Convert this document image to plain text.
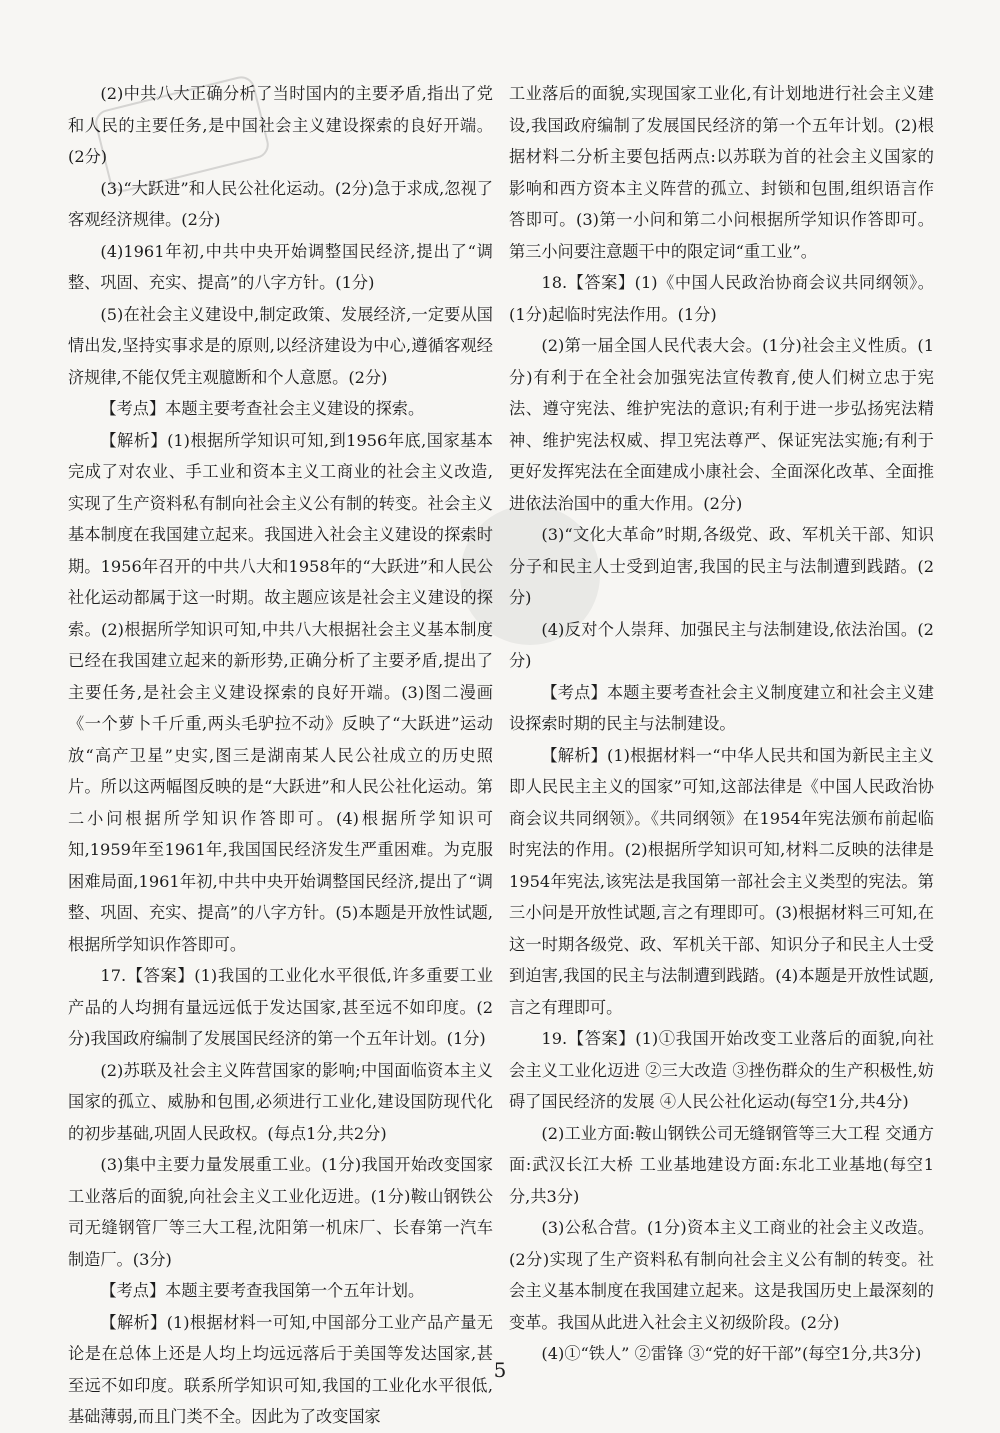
(2)中共八大正确分析了当时国内的主要矛盾,指出了党和人民的主要任务,是中国社会主义建设探索的良好开端。(2分)

(3)“大跃进”和人民公社化运动。(2分)急于求成,忽视了客观经济规律。(2分)

(4)1961年初,中共中央开始调整国民经济,提出了“调整、巩固、充实、提高”的八字方针。(1分)

(5)在社会主义建设中,制定政策、发展经济,一定要从国情出发,坚持实事求是的原则,以经济建设为中心,遵循客观经济规律,不能仅凭主观臆断和个人意愿。(2分)

【考点】本题主要考查社会主义建设的探索。

【解析】(1)根据所学知识可知,到1956年底,国家基本完成了对农业、手工业和资本主义工商业的社会主义改造,实现了生产资料私有制向社会主义公有制的转变。社会主义基本制度在我国建立起来。我国进入社会主义建设的探索时期。1956年召开的中共八大和1958年的“大跃进”和人民公社化运动都属于这一时期。故主题应该是社会主义建设的探索。(2)根据所学知识可知,中共八大根据社会主义基本制度已经在我国建立起来的新形势,正确分析了主要矛盾,提出了主要任务,是社会主义建设探索的良好开端。(3)图二漫画《一个萝卜千斤重,两头毛驴拉不动》反映了“大跃进”运动放“高产卫星”史实,图三是湖南某人民公社成立的历史照片。所以这两幅图反映的是“大跃进”和人民公社化运动。第二小问根据所学知识作答即可。(4)根据所学知识可知,1959年至1961年,我国国民经济发生严重困难。为克服困难局面,1961年初,中共中央开始调整国民经济,提出了“调整、巩固、充实、提高”的八字方针。(5)本题是开放性试题,根据所学知识作答即可。

17.【答案】(1)我国的工业化水平很低,许多重要工业产品的人均拥有量远远低于发达国家,甚至远不如印度。(2分)我国政府编制了发展国民经济的第一个五年计划。(1分)

(2)苏联及社会主义阵营国家的影响;中国面临资本主义国家的孤立、威胁和包围,必须进行工业化,建设国防现代化的初步基础,巩固人民政权。(每点1分,共2分)

(3)集中主要力量发展重工业。(1分)我国开始改变国家工业落后的面貌,向社会主义工业化迈进。(1分)鞍山钢铁公司无缝钢管厂等三大工程,沈阳第一机床厂、长春第一汽车制造厂。(3分)

【考点】本题主要考查我国第一个五年计划。

【解析】(1)根据材料一可知,中国部分工业产品产量无论是在总体上还是人均上均远远落后于美国等发达国家,甚至远不如印度。联系所学知识可知,我国的工业化水平很低,基础薄弱,而且门类不全。因此为了改变国家

工业落后的面貌,实现国家工业化,有计划地进行社会主义建设,我国政府编制了发展国民经济的第一个五年计划。(2)根据材料二分析主要包括两点:以苏联为首的社会主义国家的影响和西方资本主义阵营的孤立、封锁和包围,组织语言作答即可。(3)第一小问和第二小问根据所学知识作答即可。第三小问要注意题干中的限定词“重工业”。

18.【答案】(1)《中国人民政治协商会议共同纲领》。(1分)起临时宪法作用。(1分)

(2)第一届全国人民代表大会。(1分)社会主义性质。(1分)有利于在全社会加强宪法宣传教育,使人们树立忠于宪法、遵守宪法、维护宪法的意识;有利于进一步弘扬宪法精神、维护宪法权威、捍卫宪法尊严、保证宪法实施;有利于更好发挥宪法在全面建成小康社会、全面深化改革、全面推进依法治国中的重大作用。(2分)

(3)“文化大革命”时期,各级党、政、军机关干部、知识分子和民主人士受到迫害,我国的民主与法制遭到践踏。(2分)

(4)反对个人崇拜、加强民主与法制建设,依法治国。(2分)

【考点】本题主要考查社会主义制度建立和社会主义建设探索时期的民主与法制建设。

【解析】(1)根据材料一“中华人民共和国为新民主主义即人民民主主义的国家”可知,这部法律是《中国人民政治协商会议共同纲领》。《共同纲领》在1954年宪法颁布前起临时宪法的作用。(2)根据所学知识可知,材料二反映的法律是1954年宪法,该宪法是我国第一部社会主义类型的宪法。第三小问是开放性试题,言之有理即可。(3)根据材料三可知,在这一时期各级党、政、军机关干部、知识分子和民主人士受到迫害,我国的民主与法制遭到践踏。(4)本题是开放性试题,言之有理即可。

19.【答案】(1)①我国开始改变工业落后的面貌,向社会主义工业化迈进 ②三大改造 ③挫伤群众的生产积极性,妨碍了国民经济的发展 ④人民公社化运动(每空1分,共4分)

(2)工业方面:鞍山钢铁公司无缝钢管等三大工程 交通方面:武汉长江大桥 工业基地建设方面:东北工业基地(每空1分,共3分)

(3)公私合营。(1分)资本主义工商业的社会主义改造。(2分)实现了生产资料私有制向社会主义公有制的转变。社会主义基本制度在我国建立起来。这是我国历史上最深刻的变革。我国从此进入社会主义初级阶段。(2分)

(4)①“铁人” ②雷锋 ③“党的好干部”(每空1分,共3分)

5
